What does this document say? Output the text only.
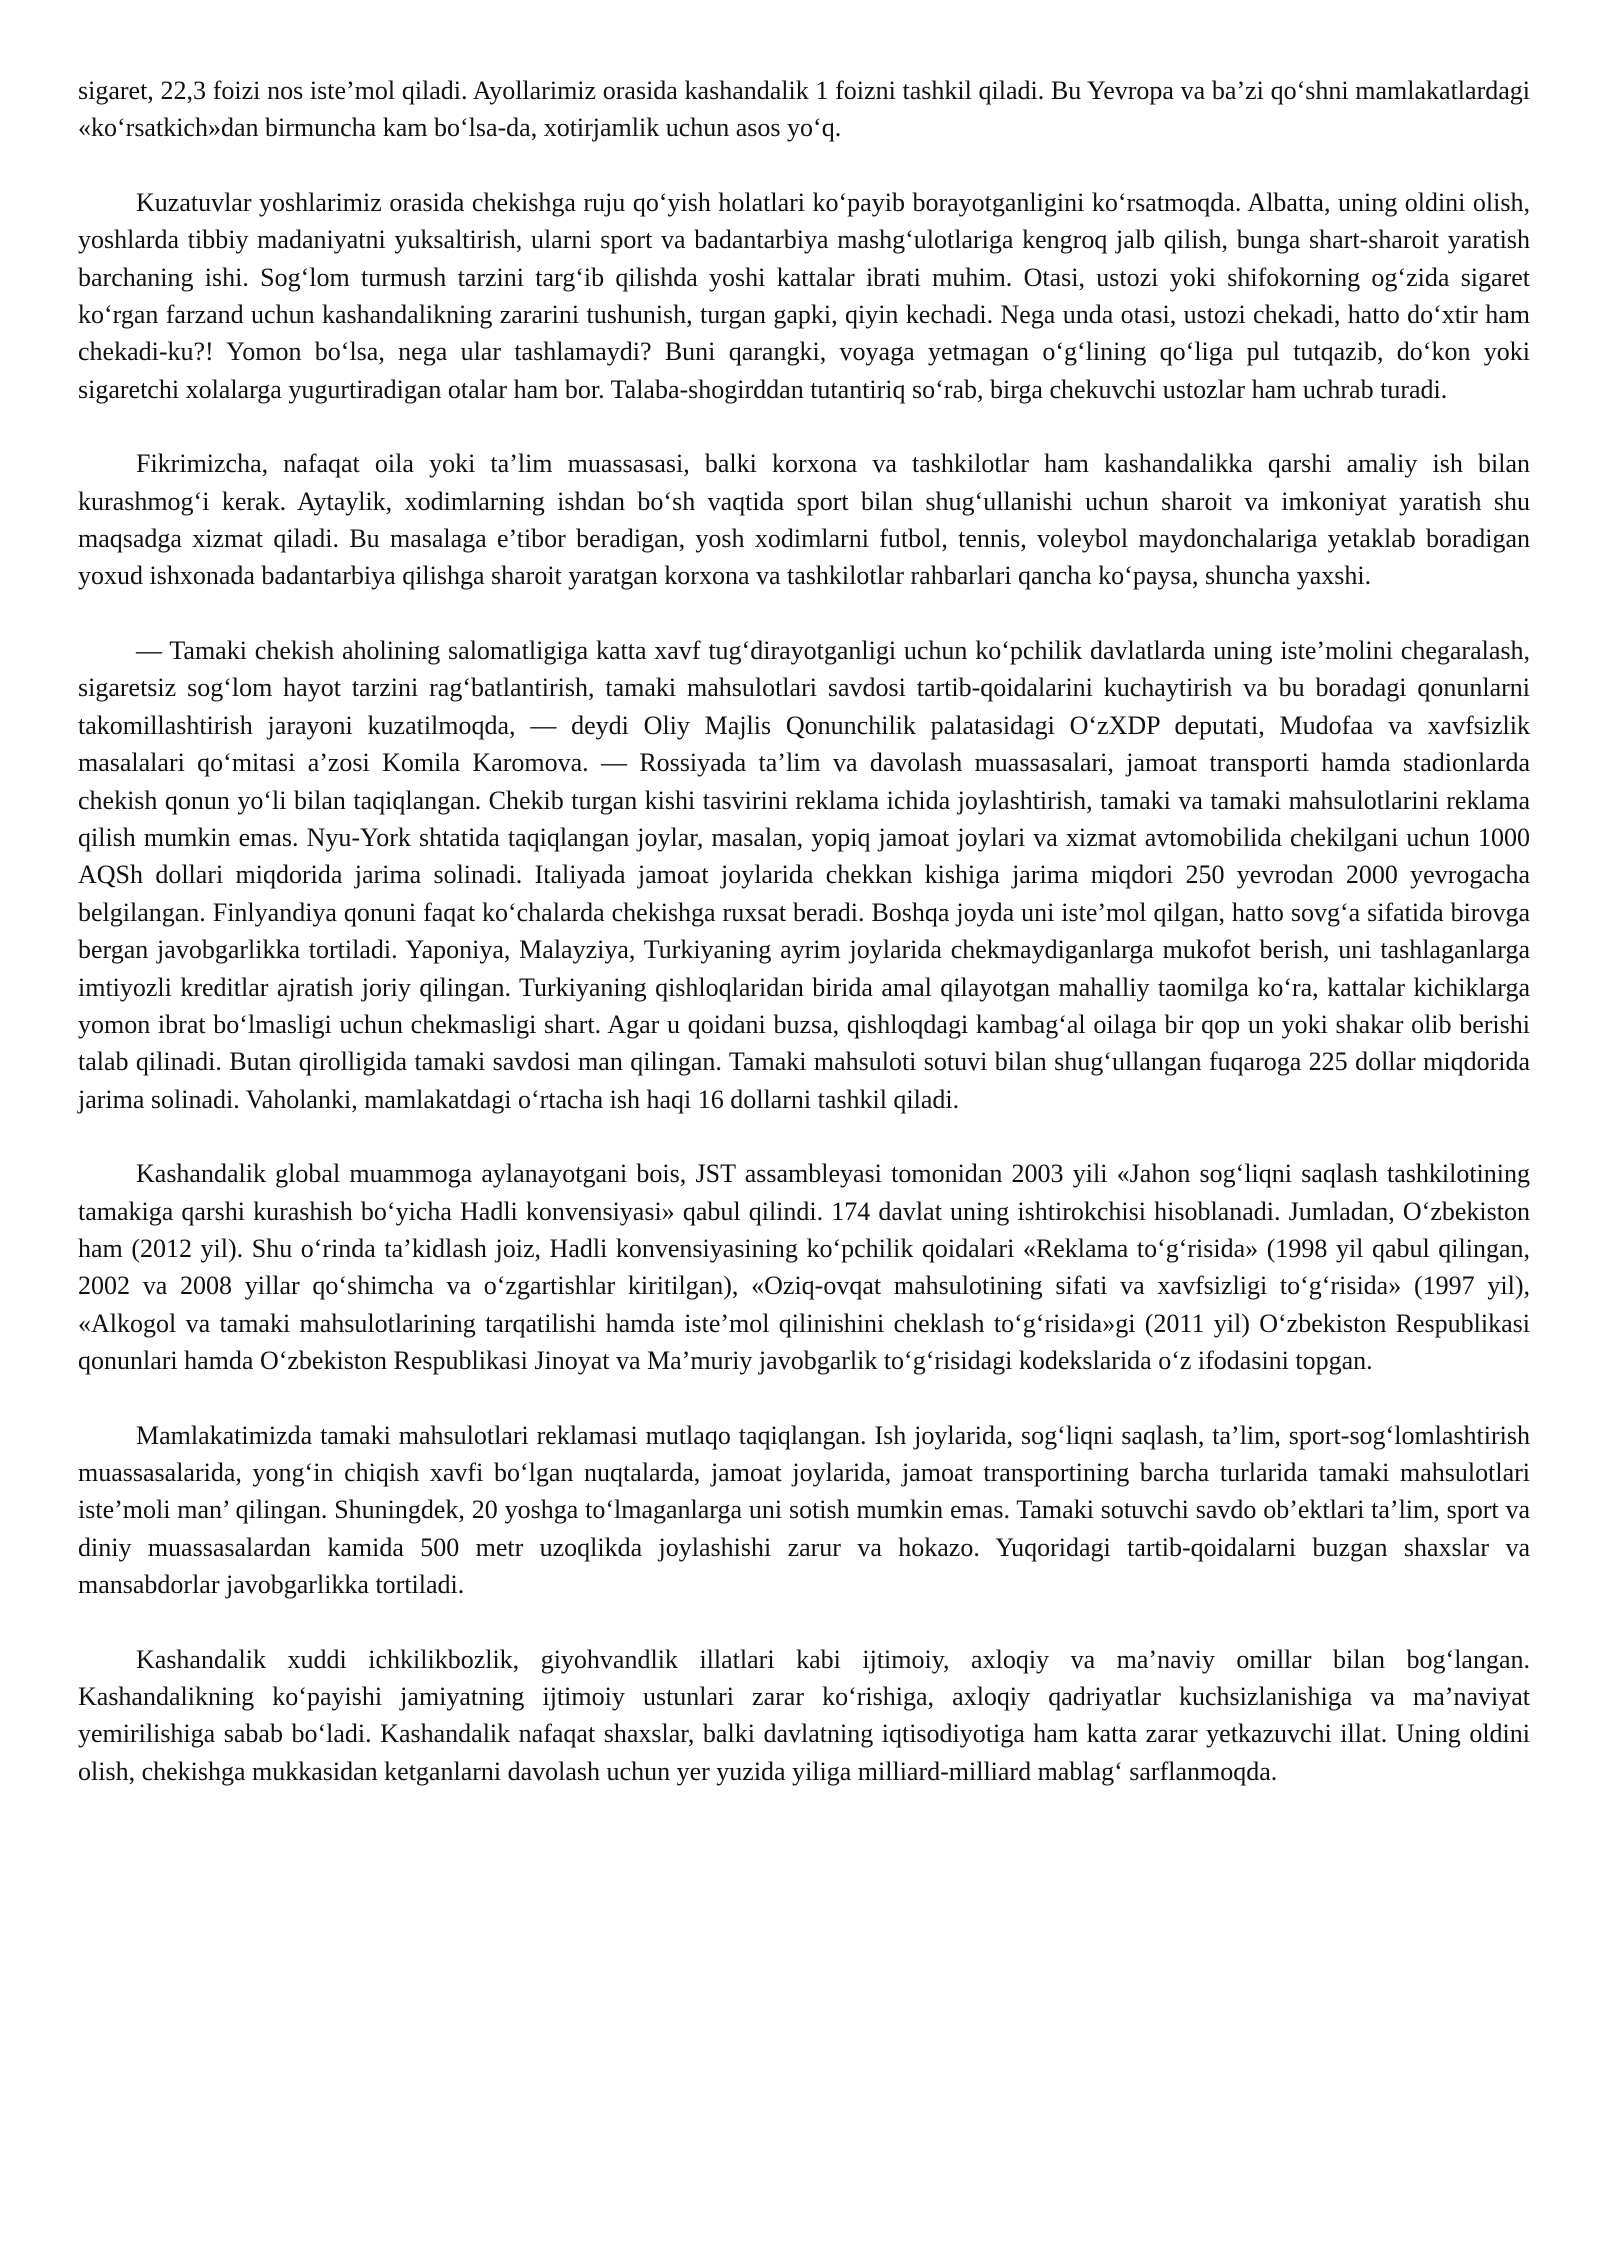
sigaret, 22,3 foizi nos iste’mol qiladi. Ayollarimiz orasida kashandalik 1 foizni tashkil qiladi. Bu Yevropa va ba’zi qo‘shni mamlakatlardagi «ko‘rsatkich»dan birmuncha kam bo‘lsa-da, xotirjamlik uchun asos yo‘q.

Kuzatuvlar yoshlarimiz orasida chekishga ruju qo‘yish holatlari ko‘payib borayotganligini ko‘rsatmoqda. Albatta, uning oldini olish, yoshlarda tibbiy madaniyatni yuksaltirish, ularni sport va badantarbiya mashg‘ulotlariga kengroq jalb qilish, bunga shart-sharoit yaratish barchaning ishi. Sog‘lom turmush tarzini targ‘ib qilishda yoshi kattalar ibrati muhim. Otasi, ustozi yoki shifokorning og‘zida sigaret ko‘rgan farzand uchun kashandalikning zararini tushunish, turgan gapki, qiyin kechadi. Nega unda otasi, ustozi chekadi, hatto do‘xtir ham chekadi-ku?! Yomon bo‘lsa, nega ular tashlamaydi? Buni qarangki, voyaga yetmagan o‘g‘lining qo‘liga pul tutqazib, do‘kon yoki sigaretchi xolalarga yugurtiradigan otalar ham bor. Talaba-shogirddan tutantiriq so‘rab, birga chekuvchi ustozlar ham uchrab turadi.

Fikrimizcha, nafaqat oila yoki ta’lim muassasasi, balki korxona va tashkilotlar ham kashandalikka qarshi amaliy ish bilan kurashmog‘i kerak. Aytaylik, xodimlarning ishdan bo‘sh vaqtida sport bilan shug‘ullanishi uchun sharoit va imkoniyat yaratish shu maqsadga xizmat qiladi. Bu masalaga e’tibor beradigan, yosh xodimlarni futbol, tennis, voleybol maydonchalariga yetaklab boradigan yoxud ishxonada badantarbiya qilishga sharoit yaratgan korxona va tashkilotlar rahbarlari qancha ko‘paysa, shuncha yaxshi.

— Tamaki chekish aholining salomatligiga katta xavf tug‘dirayotganligi uchun ko‘pchilik davlatlarda uning iste’molini chegaralash, sigaretsiz sog‘lom hayot tarzini rag‘batlantirish, tamaki mahsulotlari savdosi tartib-qoidalarini kuchaytirish va bu boradagi qonunlarni takomillashtirish jarayoni kuzatilmoqda, — deydi Oliy Majlis Qonunchilik palatasidagi O‘zXDP deputati, Mudofaa va xavfsizlik masalalari qo‘mitasi a’zosi Komila Karomova. — Rossiyada ta’lim va davolash muassasalari, jamoat transporti hamda stadionlarda chekish qonun yo‘li bilan taqiqlangan. Chekib turgan kishi tasvirini reklama ichida joylashtirish, tamaki va tamaki mahsulotlarini reklama qilish mumkin emas. Nyu-York shtatida taqiqlangan joylar, masalan, yopiq jamoat joylari va xizmat avtomobilida chekilgani uchun 1000 AQSh dollari miqdorida jarima solinadi. Italiyada jamoat joylarida chekkan kishiga jarima miqdori 250 yevrodan 2000 yevrogacha belgilangan. Finlyandiya qonuni faqat ko‘chalarda chekishga ruxsat beradi. Boshqa joyda uni iste’mol qilgan, hatto sovg‘a sifatida birovga bergan javobgarlikka tortiladi. Yaponiya, Malayziya, Turkiyaning ayrim joylarida chekmaydiganlarga mukofot berish, uni tashlaganlarga imtiyozli kreditlar ajratish joriy qilingan. Turkiyaning qishloqlaridan birida amal qilayotgan mahalliy taomilga ko‘ra, kattalar kichiklarga yomon ibrat bo‘lmasligi uchun chekmasligi shart. Agar u qoidani buzsa, qishloqdagi kambag‘al oilaga bir qop un yoki shakar olib berishi talab qilinadi. Butan qirolligida tamaki savdosi man qilingan. Tamaki mahsuloti sotuvi bilan shug‘ullangan fuqaroga 225 dollar miqdorida jarima solinadi. Vaholanki, mamlakatdagi o‘rtacha ish haqi 16 dollarni tashkil qiladi.

Kashandalik global muammoga aylanayotgani bois, JST assambleyasi tomonidan 2003 yili «Jahon sog‘liqni saqlash tashkilotining tamakiga qarshi kurashish bo‘yicha Hadli konvensiyasi» qabul qilindi. 174 davlat uning ishtirokchisi hisoblanadi. Jumladan, O‘zbekiston ham (2012 yil). Shu o‘rinda ta’kidlash joiz, Hadli konvensiyasining ko‘pchilik qoidalari «Reklama to‘g‘risida» (1998 yil qabul qilingan, 2002 va 2008 yillar qo‘shimcha va o‘zgartishlar kiritilgan), «Oziq-ovqat mahsulotining sifati va xavfsizligi to‘g‘risida» (1997 yil), «Alkogol va tamaki mahsulotlarining tarqatilishi hamda iste’mol qilinishini cheklash to‘g‘risida»gi (2011 yil) O‘zbekiston Respublikasi qonunlari hamda O‘zbekiston Respublikasi Jinoyat va Ma’muriy javobgarlik to‘g‘risidagi kodekslarida o‘z ifodasini topgan.

Mamlakatimizda tamaki mahsulotlari reklamasi mutlaqo taqiqlangan. Ish joylarida, sog‘liqni saqlash, ta’lim, sport-sog‘lomlashtirish muassasalarida, yong‘in chiqish xavfi bo‘lgan nuqtalarda, jamoat joylarida, jamoat transportining barcha turlarida tamaki mahsulotlari iste’moli man’ qilingan. Shuningdek, 20 yoshga to‘lmaganlarga uni sotish mumkin emas. Tamaki sotuvchi savdo ob’ektlari ta’lim, sport va diniy muassasalardan kamida 500 metr uzoqlikda joylashishi zarur va hokazo. Yuqoridagi tartib-qoidalarni buzgan shaxslar va mansabdorlar javobgarlikka tortiladi.

Kashandalik xuddi ichkilikbozlik, giyohvandlik illatlari kabi ijtimoiy, axloqiy va ma’naviy omillar bilan bog‘langan. Kashandalikning ko‘payishi jamiyatning ijtimoiy ustunlari zarar ko‘rishiga, axloqiy qadriyatlar kuchsizlanishiga va ma’naviyat yemirilishiga sabab bo‘ladi. Kashandalik nafaqat shaxslar, balki davlatning iqtisodiyotiga ham katta zarar yetkazuvchi illat. Uning oldini olish, chekishga mukkasidan ketganlarni davolash uchun yer yuzida yiliga milliard-milliard mablag‘ sarflanmoqda.
